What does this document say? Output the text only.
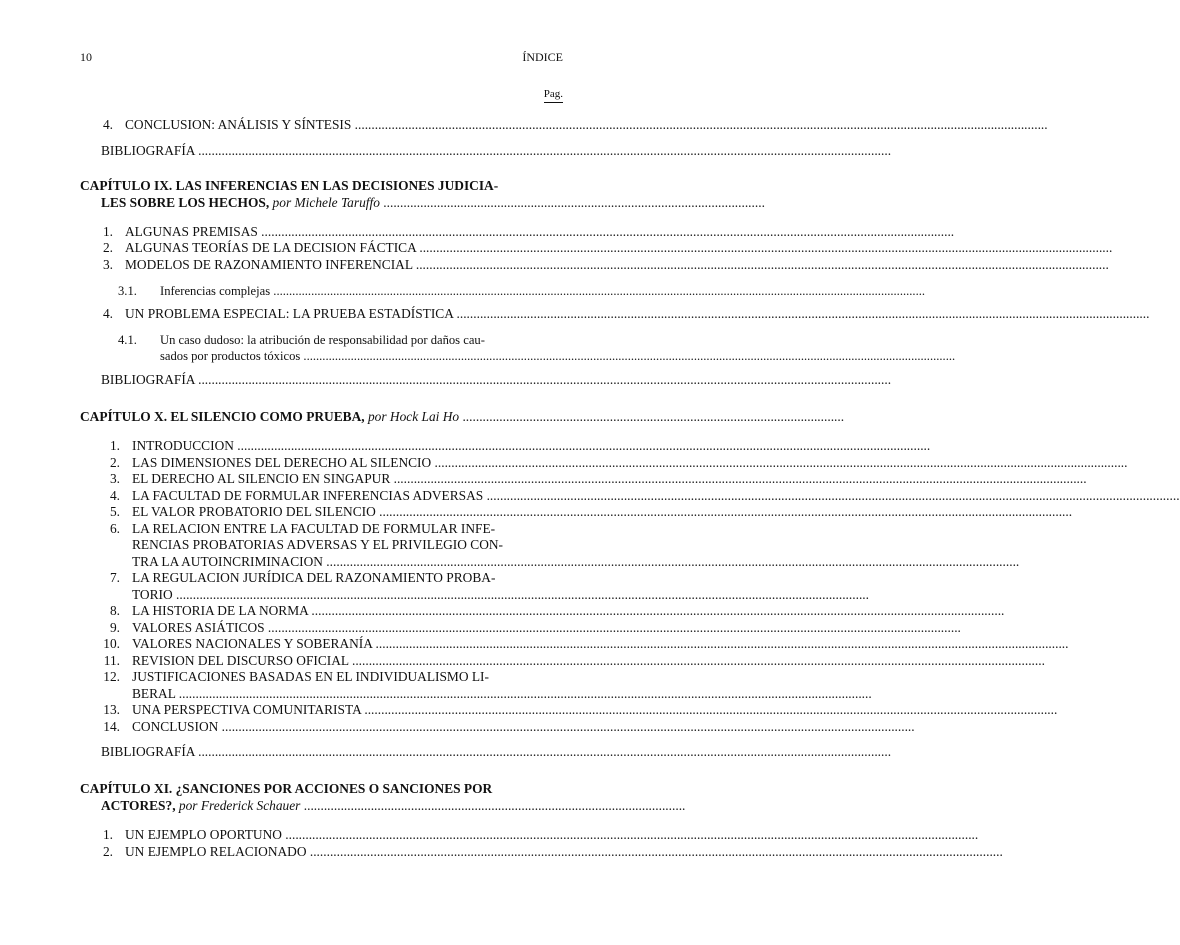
10	ÍNDICE
Pag.
4. CONCLUSION: ANÁLISIS Y SÍNTESIS .....
BIBLIOGRAFÍA .....
CAPÍTULO IX. LAS INFERENCIAS EN LAS DECISIONES JUDICIA-
LES SOBRE LOS HECHOS, por Michele Taruffo ..................................................................................................................
1. ALGUNAS PREMISAS .....
2. ALGUNAS TEORÍAS DE LA DECISION FÁCTICA .....
3. MODELOS DE RAZONAMIENTO INFERENCIAL .....
3.1.	Inferencias complejas .....
4. UN PROBLEMA ESPECIAL: LA PRUEBA ESTADÍSTICA .....
4.1.	Un caso dudoso: la atribución de responsabilidad por daños cau-
sados por productos tóxicos .....
BIBLIOGRAFÍA .....
CAPÍTULO X. EL SILENCIO COMO PRUEBA, por Hock Lai Ho ..................................................................................................................
1. INTRODUCCION .....
2. LAS DIMENSIONES DEL DERECHO AL SILENCIO .....
3. EL DERECHO AL SILENCIO EN SINGAPUR .....
4. LA FACULTAD DE FORMULAR INFERENCIAS ADVERSAS .....
5. EL VALOR PROBATORIO DEL SILENCIO .....
6. LA RELACION ENTRE LA FACULTAD DE FORMULAR INFE-
RENCIAS PROBATORIAS ADVERSAS Y EL PRIVILEGIO CON-
TRA LA AUTOINCRIMINACION .....
7. LA REGULACION JURÍDICA DEL RAZONAMIENTO PROBA-
TORIO .....
8. LA HISTORIA DE LA NORMA .....
9. VALORES ASIÁTICOS .....
10. VALORES NACIONALES Y SOBERANÍA .....
11. REVISION DEL DISCURSO OFICIAL .....
12. JUSTIFICACIONES BASADAS EN EL INDIVIDUALISMO LI-
BERAL .....
13. UNA PERSPECTIVA COMUNITARISTA .....
14. CONCLUSION .....
BIBLIOGRAFÍA .....
CAPÍTULO XI. ¿SANCIONES POR ACCIONES O SANCIONES POR
ACTORES?, por Frederick Schauer ..................................................................................................................
1. UN EJEMPLO OPORTUNO .....
2. UN EJEMPLO RELACIONADO .....
